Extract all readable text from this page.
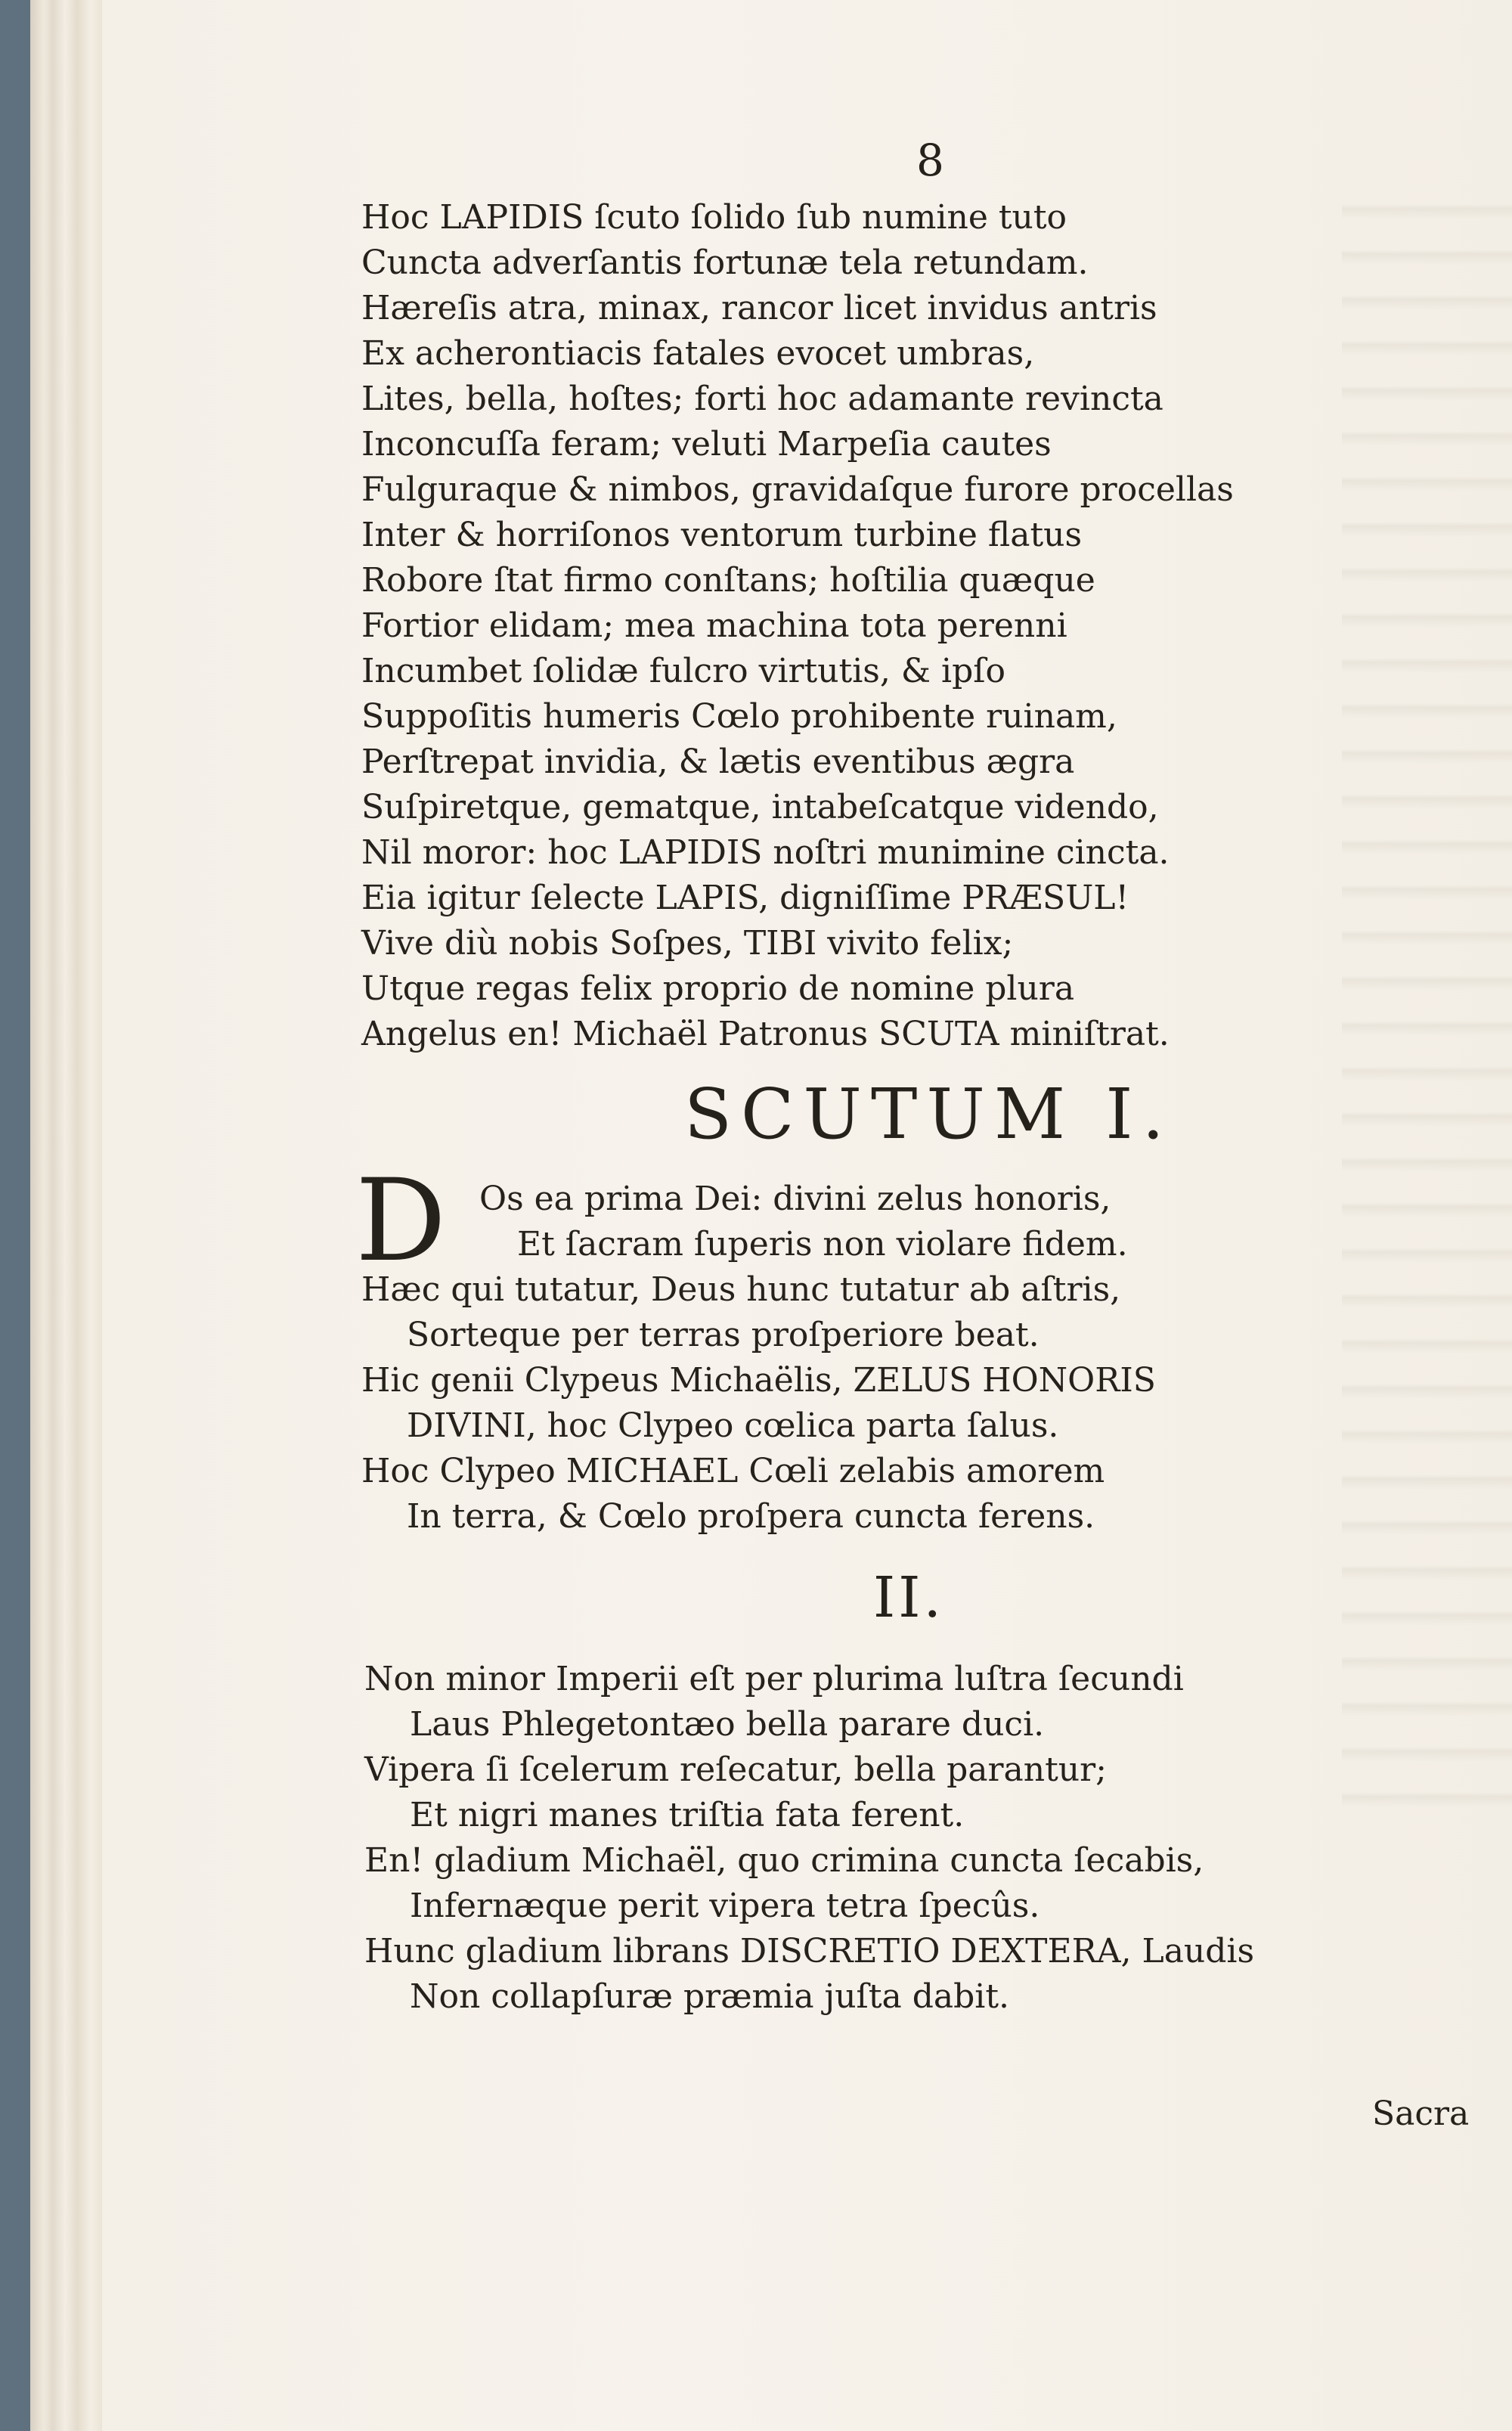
8
Hoc LAPIDIS ſcuto ſolido ſub numine tuto
Cuncta adverſantis fortunæ tela retundam.
Hæreſis atra, minax, rancor licet invidus antris
Ex acherontiacis fatales evocet umbras,
Lites, bella, hoſtes; forti hoc adamante revincta
Inconcuſſa feram; veluti Marpeſia cautes
Fulguraque & nimbos, gravidaſque furore procellas
Inter & horriſonos ventorum turbine flatus
Robore ſtat firmo conſtans; hoſtilia quæque
Fortior elidam; mea machina tota perenni
Incumbet ſolidæ fulcro virtutis, & ipſo
Suppoſitis humeris Cœlo prohibente ruinam,
Perſtrepat invidia, & lætis eventibus ægra
Suſpiretque, gematque, intabeſcatque videndo,
Nil moror: hoc LAPIDIS noſtri munimine cincta.
Eia igitur ſelecte LAPIS, digniſſime PRÆSUL!
Vive diù nobis Soſpes, TIBI vivito felix;
Utque regas felix proprio de nomine plura
Angelus en! Michaël Patronus SCUTA miniſtrat.
SCUTUM I.
D Os ea prima Dei: divini zelus honoris,
Et ſacram ſuperis non violare fidem.
Hæc qui tutatur, Deus hunc tutatur ab aſtris,
Sorteque per terras proſperiore beat.
Hic genii Clypeus Michaëlis, ZELUS HONORIS
DIVINI, hoc Clypeo cœlica parta ſalus.
Hoc Clypeo MICHAEL Cœli zelabis amorem
In terra, & Cœlo proſpera cuncta ferens.
II.
Non minor Imperii eſt per plurima luſtra ſecundi
Laus Phlegetontæo bella parare duci.
Vipera ſi ſcelerum reſecatur, bella parantur;
Et nigri manes triſtia fata ferent.
En! gladium Michaël, quo crimina cuncta ſecabis,
Infernæque perit vipera tetra ſpecûs.
Hunc gladium librans DISCRETIO DEXTERA, Laudis
Non collapſuræ præmia juſta dabit.
Sacra
